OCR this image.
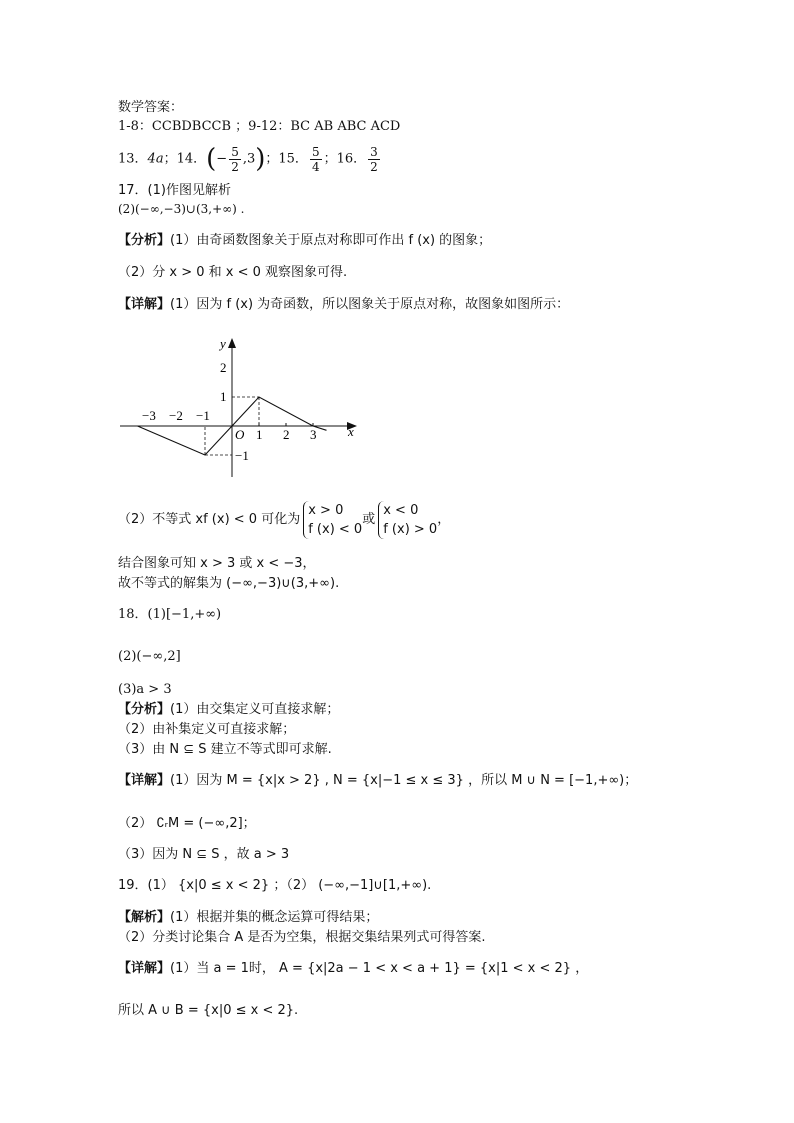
数学答案：
1-8：CCBDBCCB ；9-12：BC AB ABC ACD
13．4a；14．(− $\frac{5}{2} ,3$)；15． $\frac{5}{4}$ ；16． $\frac{3}{2}$
17．(1)作图见解析
(2)(−∞,−3)∪(3,+∞) .
【分析】(1）由奇函数图象关于原点对称即可作出 f (x) 的图象；
（2）分 x > 0 和 x < 0 观察图象可得.
【详解】(1）因为 f (x) 为奇函数，所以图象关于原点对称，故图象如图所示：
y
x
O
−3 −2 −1
1 2 3
2
1
−1
（2）不等式 xf (x) < 0 可化为
x > 0
f (x) < 0
或
x < 0
f (x) > 0
，
结合图象可知 x > 3 或 x < −3，
故不等式的解集为 (−∞,−3)∪(3,+∞).
18．(1)[−1,+∞)
(2)(−∞,2]
(3)a > 3
【分析】(1）由交集定义可直接求解；
（2）由补集定义可直接求解；
（3）由 N ⊆ S 建立不等式即可求解.
【详解】(1）因为 M = {x|x > 2} , N = {x|−1 ≤ x ≤ 3} ，所以 M ∪ N = [−1,+∞)；
（2） ∁ᵣM = (−∞,2]；
（3）因为 N ⊆ S ，故 a > 3
19．(1） {x|0 ≤ x < 2} ；（2） (−∞,−1]∪[1,+∞).
【解析】(1）根据并集的概念运算可得结果；
（2）分类讨论集合 A 是否为空集，根据交集结果列式可得答案.
【详解】(1）当 a = 1时， A = {x|2a − 1 < x < a + 1} = {x|1 < x < 2} ，
所以 A ∪ B = {x|0 ≤ x < 2}.
